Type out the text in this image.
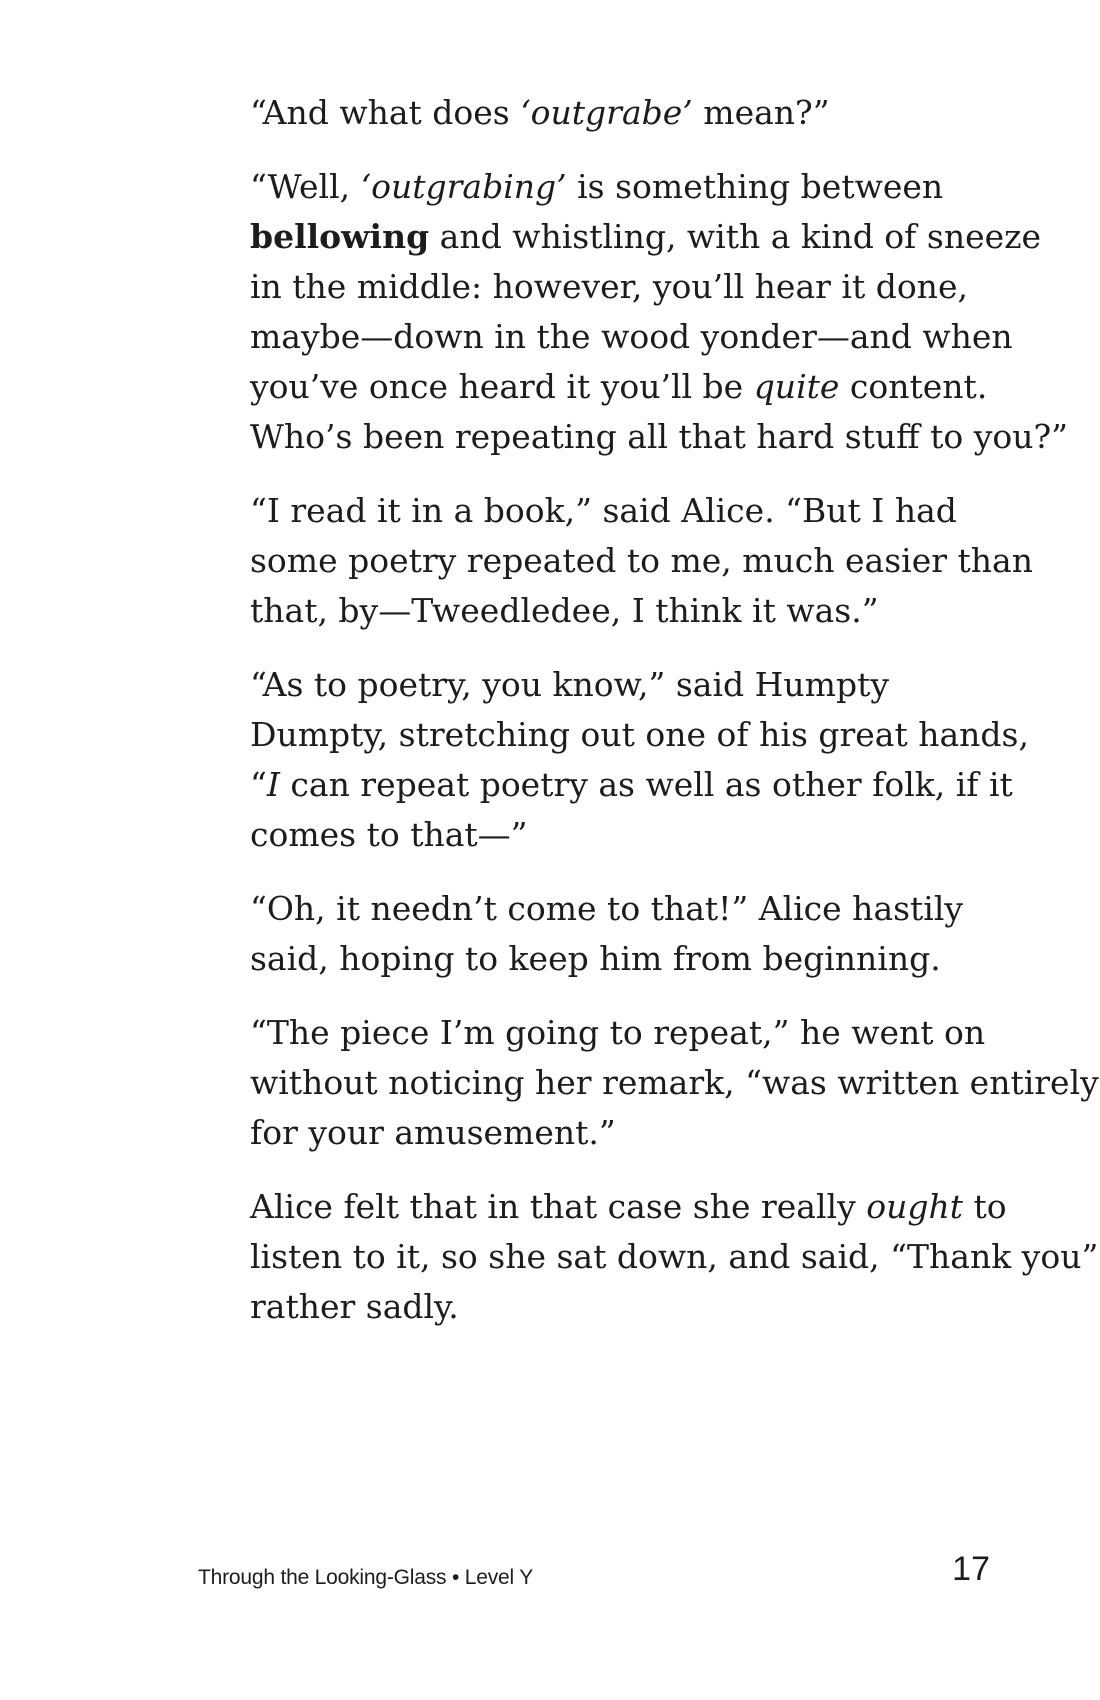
“And what does ‘outgrabe’ mean?”

“Well, ‘outgrabing’ is something between

bellowing and whistling, with a kind of sneeze
in the middle: however, you’ll hear it done,
maybe—down in the wood yonder—and when
you’ve once heard it you’ll be quite content.
Who’s been repeating all that hard stuff to you?”

“I read it in a book,” said Alice. “But I had

some poetry repeated to me, much easier than
that, by—Tweedledee, I think it was.”

“As to poetry, you know,” said Humpty

Dumpty, stretching out one of his great hands,
“I can repeat poetry as well as other folk, if it
comes to that—”

“Oh, it needn’t come to that!” Alice hastily

said, hoping to keep him from beginning.

“The piece I’m going to repeat,” he went on

without noticing her remark, “was written entirely
for your amusement.”

Alice felt that in that case she really ought to

listen to it, so she sat down, and said, “Thank you”
rather sadly.

Through the Looking-Glass • Level Y	17
